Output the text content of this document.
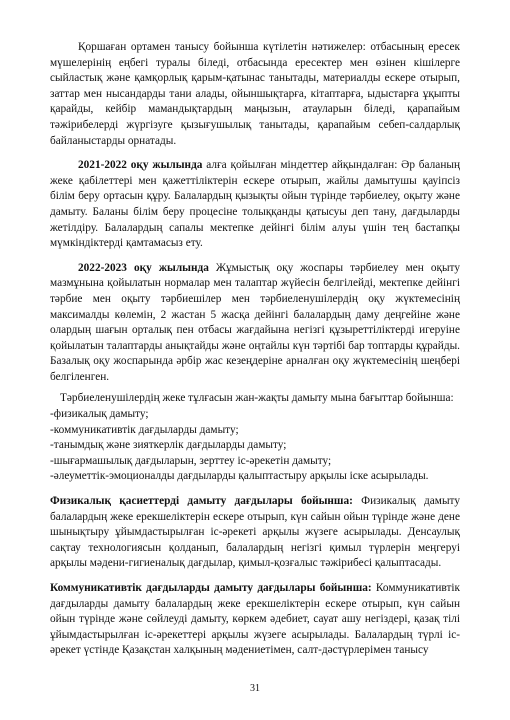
Қоршаған ортамен танысу бойынша күтілетін нәтижелер: отбасының ересек мүшелерінің еңбегі туралы біледі, отбасында ересектер мен өзінен кішілерге сыйластық және қамқорлық қарым-қатынас танытады, материалды ескере отырып, заттар мен нысандарды тани алады, ойыншықтарға, кітаптарға, ыдыстарға ұқыпты қарайды, кейбір мамандықтардың маңызын, атауларын біледі, қарапайым тәжірибелерді жүргізуге қызығушылық танытады, қарапайым себеп-салдарлық байланыстарды орнатады.

2021-2022 оқу жылында алға қойылған міндеттер айқындалған: Әр баланың жеке қабілеттері мен қажеттіліктерін ескере отырып, жайлы дамытушы қауіпсіз білім беру ортасын құру. Балалардың қызықты ойын түрінде тәрбиелеу, оқыту және дамыту. Баланы білім беру процесіне толыққанды қатысуы деп тану, дағдыларды жетілдіру. Балалардың сапалы мектепке дейінгі білім алуы үшін тең бастапқы мүмкіндіктерді қамтамасыз ету.

2022-2023 оқу жылында Жұмыстық оқу жоспары тәрбиелеу мен оқыту мазмұнына қойылатын нормалар мен талаптар жүйесін белгілейді, мектепке дейінгі тәрбие мен оқыту тәрбиешілер мен тәрбиеленушілердің оқу жүктемесінің максималды көлемін, 2 жастан 5 жасқа дейінгі балалардың даму деңгейіне және олардың шағын орталық пен отбасы жағдайына негізгі құзыреттіліктерді игеруіне қойылатын талаптарды анықтайды және оңтайлы күн тәртібі бар топтарды құрайды. Базалық оқу жоспарында әрбір жас кезеңдеріне арналған оқу жүктемесінің шеңбері белгіленген.

Тәрбиеленушілердің жеке тұлғасын жан-жақты дамыту мына бағыттар бойынша:

-физикалық дамыту;

-коммуникативтік дағдыларды дамыту;

-танымдық және зияткерлік дағдыларды дамыту;

-шығармашылық дағдыларын, зерттеу іс-әрекетін дамыту;

-әлеуметтік-эмоционалды дағдыларды қалыптастыру арқылы іске асырылады.

Физикалық қасиеттерді дамыту дағдылары бойынша: Физикалық дамыту балалардың жеке ерекшеліктерін ескере отырып, күн сайын ойын түрінде және дене шынықтыру ұйымдастырылған іс-әрекеті арқылы жүзеге асырылады. Денсаулық сақтау технологиясын қолданып, балалардың негізгі қимыл түрлерін меңгеруі арқылы мәдени-гигиеналық дағдылар, қимыл-қозғалыс тәжірибесі қалыптасады.

Коммуникативтік дағдыларды дамыту дағдылары бойынша: Коммуникативтік дағдыларды дамыту балалардың жеке ерекшеліктерін ескере отырып, күн сайын ойын түрінде және сөйлеуді дамыту, көркем әдебиет, сауат ашу негіздері, қазақ тілі ұйымдастырылған іс-әрекеттері арқылы жүзеге асырылады. Балалардың түрлі іс-әрекет үстінде Қазақстан халқының мәдениетімен, салт-дәстүрлерімен танысу

31
